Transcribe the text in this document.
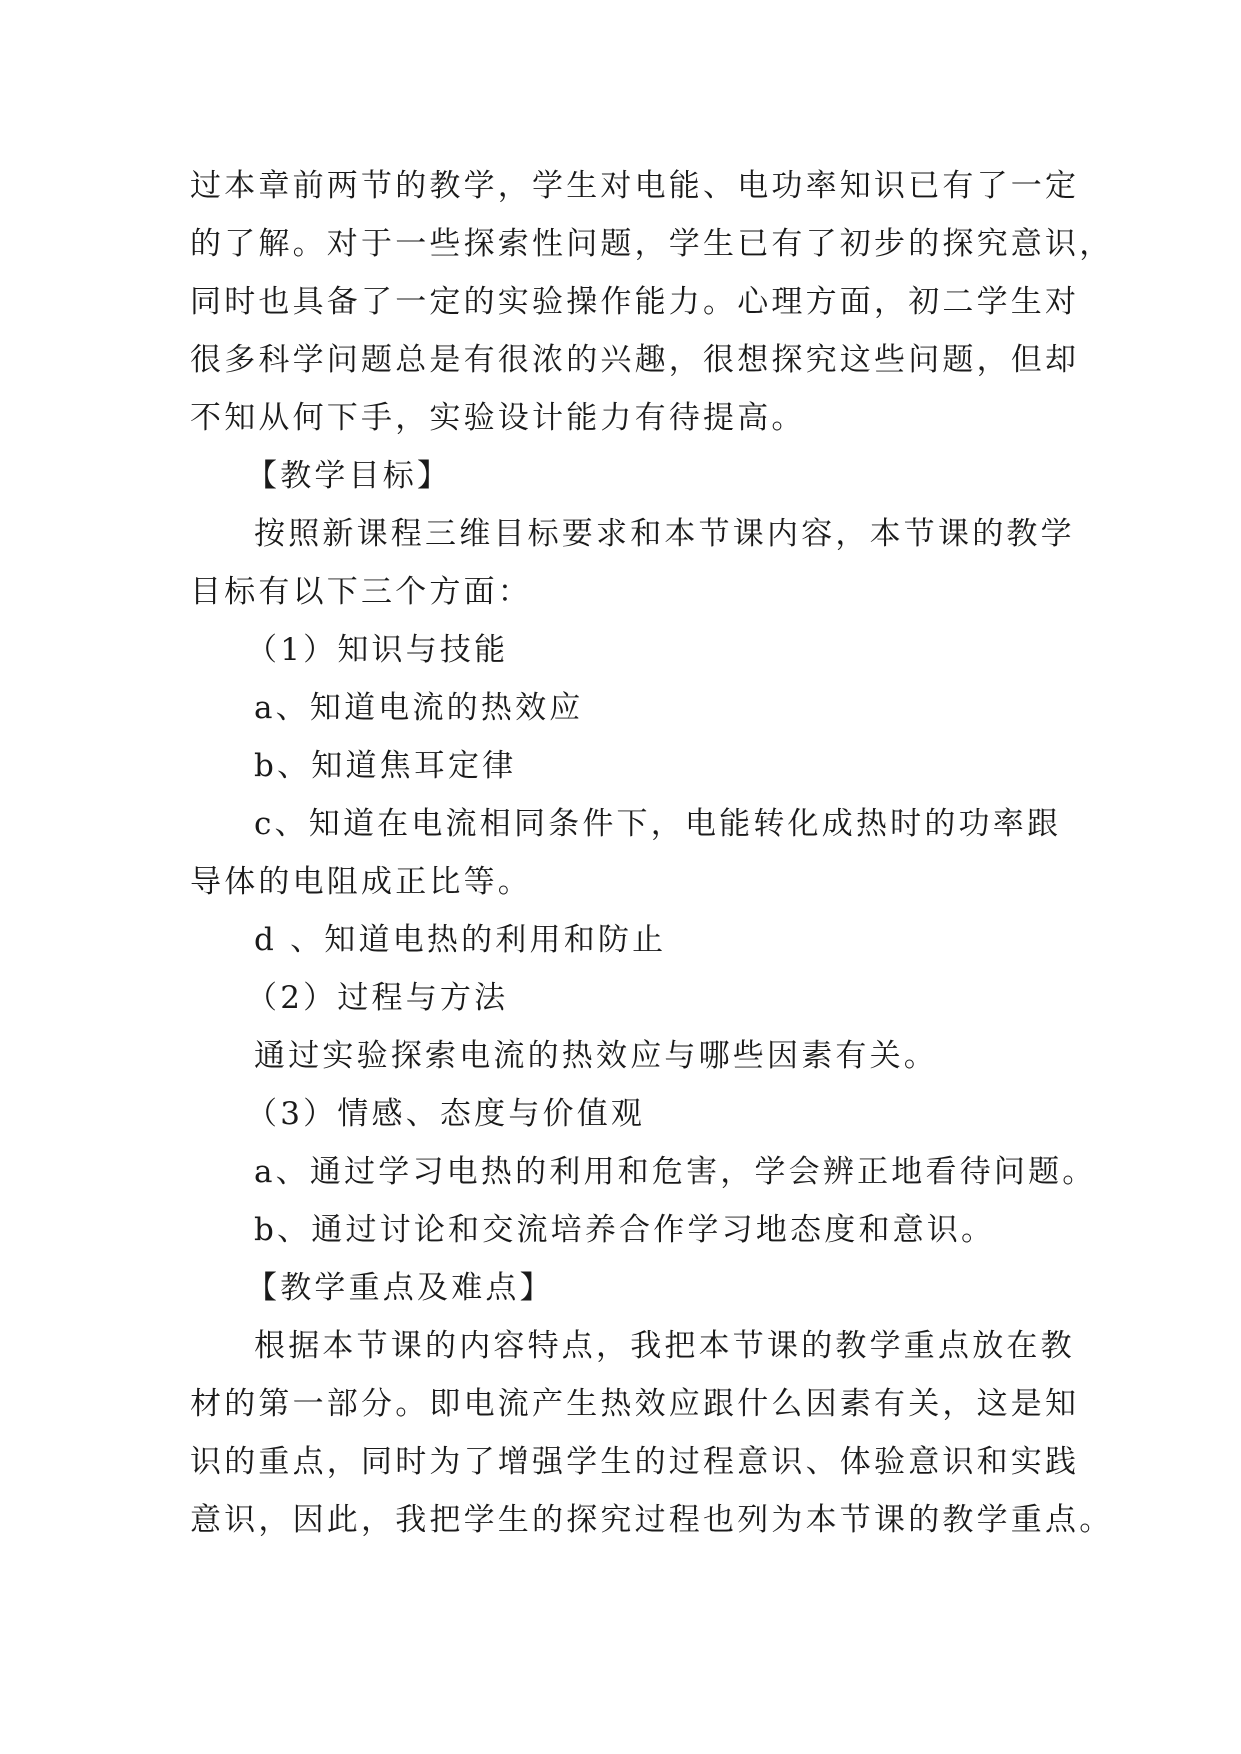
过本章前两节的教学，学生对电能、电功率知识已有了一定
的了解。对于一些探索性问题，学生已有了初步的探究意识，
同时也具备了一定的实验操作能力。心理方面，初二学生对
很多科学问题总是有很浓的兴趣，很想探究这些问题，但却
不知从何下手，实验设计能力有待提高。
【教学目标】
按照新课程三维目标要求和本节课内容，本节课的教学
目标有以下三个方面：
（1）知识与技能
a、知道电流的热效应
b、知道焦耳定律
c、知道在电流相同条件下，电能转化成热时的功率跟
导体的电阻成正比等。
d 、知道电热的利用和防止
（2）过程与方法
通过实验探索电流的热效应与哪些因素有关。
（3）情感、态度与价值观
a、通过学习电热的利用和危害，学会辨正地看待问题。
b、通过讨论和交流培养合作学习地态度和意识。
【教学重点及难点】
根据本节课的内容特点，我把本节课的教学重点放在教
材的第一部分。即电流产生热效应跟什么因素有关，这是知
识的重点，同时为了增强学生的过程意识、体验意识和实践
意识，因此，我把学生的探究过程也列为本节课的教学重点。
